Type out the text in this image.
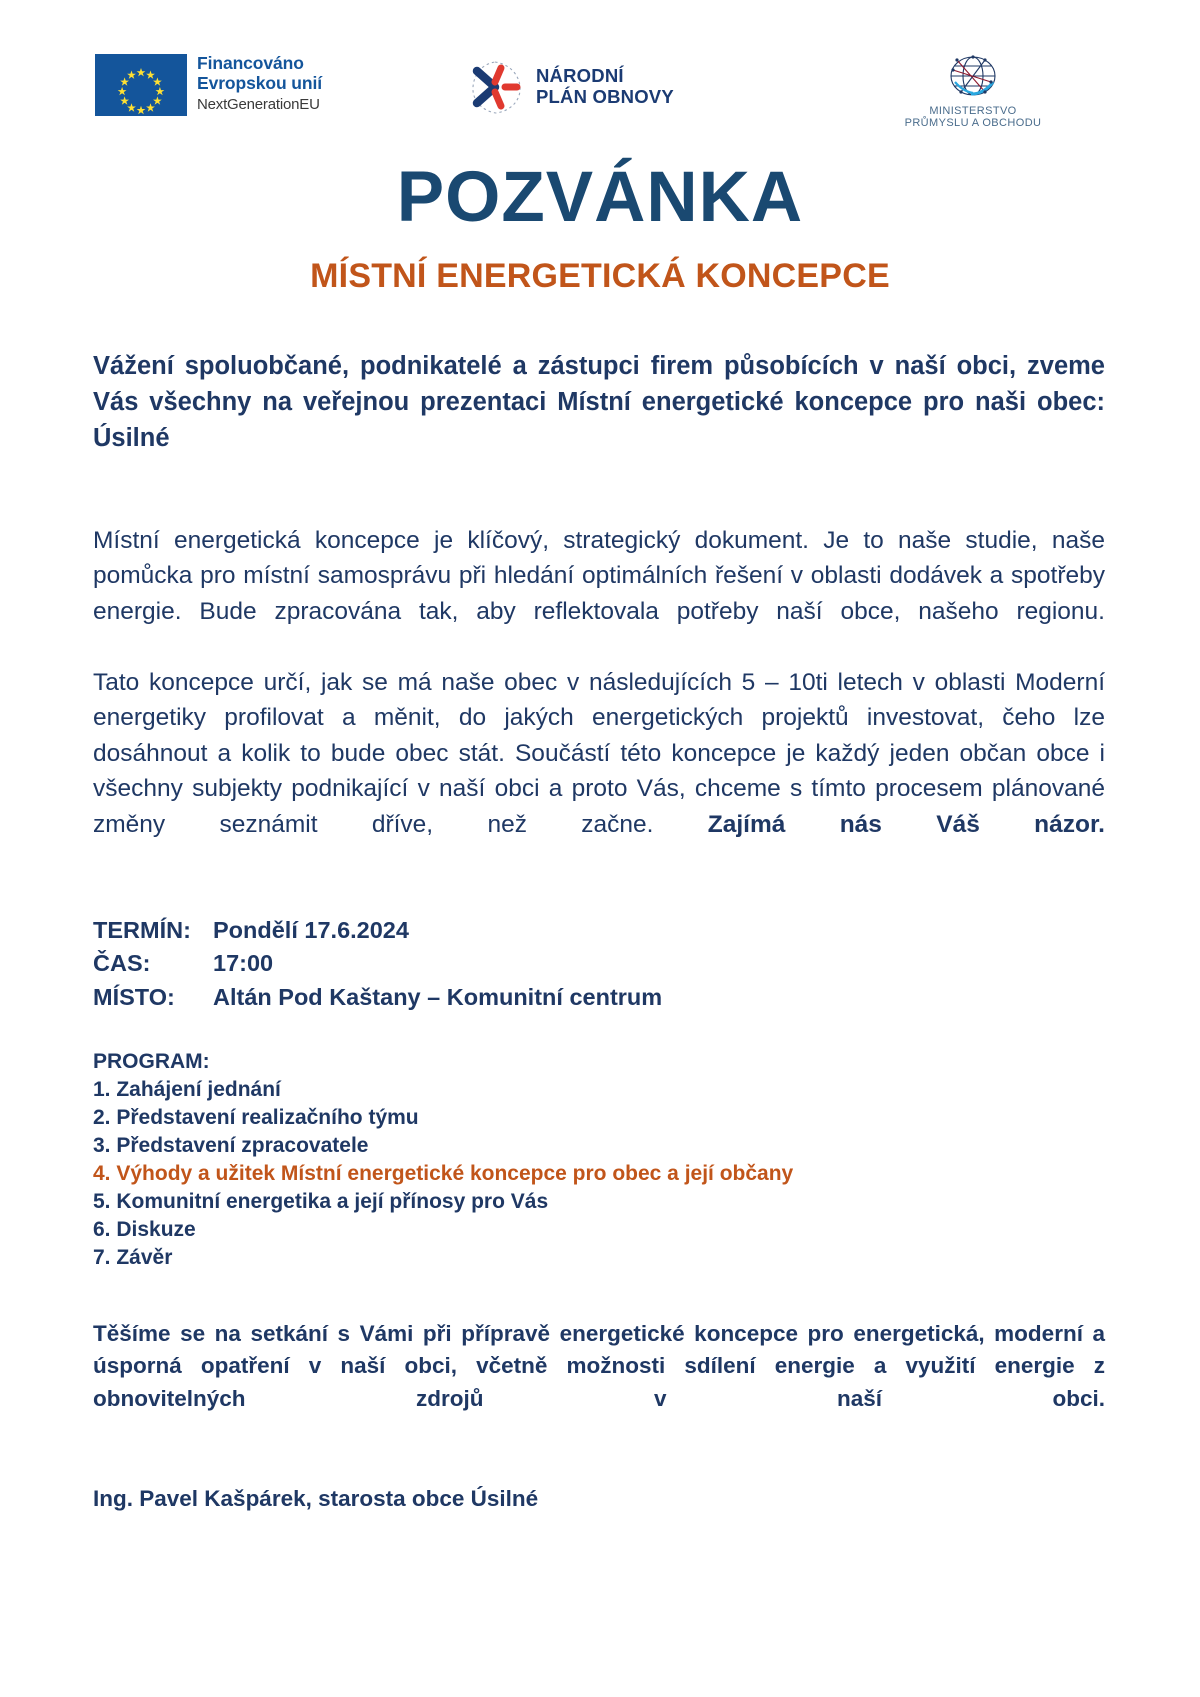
Financováno
Evropskou unií
NextGenerationEU
NÁRODNÍ
PLÁN OBNOVY
MINISTERSTVO
PRŮMYSLU A OBCHODU
POZVÁNKA
MÍSTNÍ ENERGETICKÁ KONCEPCE

Vážení spoluobčané, podnikatelé a zástupci firem působících v naší obci, zveme Vás všechny na veřejnou prezentaci Místní energetické koncepce pro naši obec: Úsilné

Místní energetická koncepce je klíčový, strategický dokument. Je to naše studie, naše pomůcka pro místní samosprávu při hledání optimálních řešení v oblasti dodávek a spotřeby energie. Bude zpracována tak, aby reflektovala potřeby naší obce, našeho regionu.

Tato koncepce určí, jak se má naše obec v následujících 5 – 10ti letech v oblasti Moderní energetiky profilovat a měnit, do jakých energetických projektů investovat, čeho lze dosáhnout a kolik to bude obec stát. Součástí této koncepce je každý jeden občan obce i všechny subjekty podnikající v naší obci a proto Vás, chceme s tímto procesem plánované změny seznámit dříve, než začne. Zajímá nás Váš názor.

TERMÍN: Pondělí 17.6.2024
ČAS:	17:00
MÍSTO:	Altán Pod Kaštany – Komunitní centrum
PROGRAM:
1. Zahájení jednání
2. Představení realizačního týmu
3. Představení zpracovatele
4. Výhody a užitek Místní energetické koncepce pro obec a její občany
5. Komunitní energetika a její přínosy pro Vás
6. Diskuze
7. Závěr

Těšíme se na setkání s Vámi při přípravě energetické koncepce pro energetická, moderní a úsporná opatření v naší obci, včetně možnosti sdílení energie a využití energie z obnovitelných zdrojů v naší obci.

Ing. Pavel Kašpárek, starosta obce Úsilné
